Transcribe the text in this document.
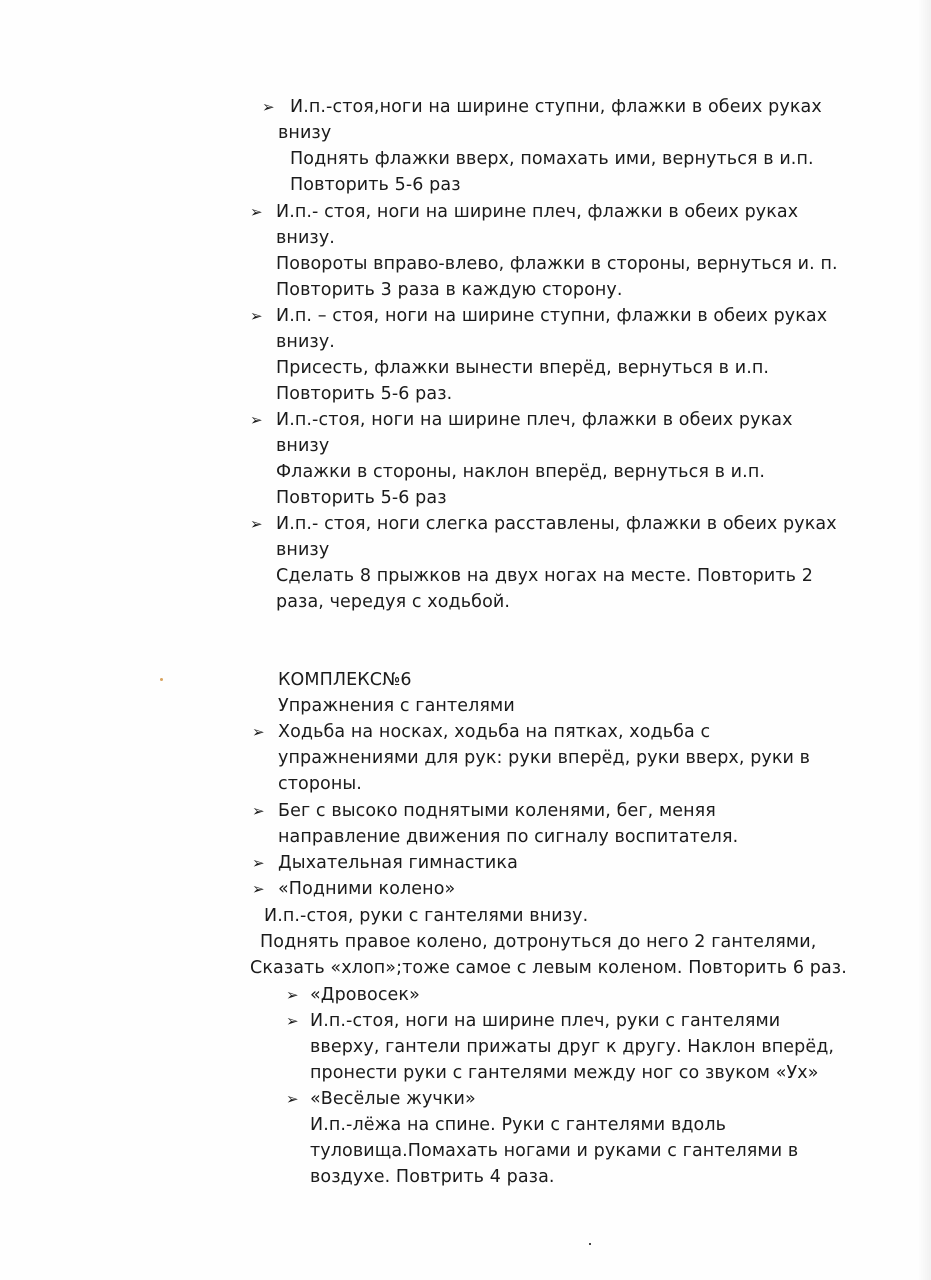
➢ И.п.-стоя,ноги на ширине ступни, флажки в обеих руках
внизу
Поднять флажки вверх, помахать ими, вернуться в и.п.
Повторить 5-6 раз
➢ И.п.- стоя, ноги на ширине плеч, флажки в обеих руках
внизу.
Повороты вправо-влево, флажки в стороны, вернуться и. п.
Повторить 3 раза в каждую сторону.
➢ И.п. – стоя, ноги на ширине ступни, флажки в обеих руках
внизу.
Присесть, флажки вынести вперёд, вернуться в и.п.
Повторить 5-6 раз.
➢ И.п.-стоя, ноги на ширине плеч, флажки в обеих руках
внизу
Флажки в стороны, наклон вперёд, вернуться в и.п.
Повторить 5-6 раз
➢ И.п.- стоя, ноги слегка расставлены, флажки в обеих руках
внизу
Сделать 8 прыжков на двух ногах на месте. Повторить 2
раза, чередуя с ходьбой.
КОМПЛЕКС№6
Упражнения с гантелями
➢ Ходьба на носках, ходьба на пятках, ходьба с
упражнениями для рук: руки вперёд, руки вверх, руки в
стороны.
➢ Бег с высоко поднятыми коленями, бег, меняя
направление движения по сигналу воспитателя.
➢ Дыхательная гимнастика
➢ «Подними колено»
И.п.-стоя, руки с гантелями внизу.
Поднять правое колено, дотронуться до него 2 гантелями,
Сказать «хлоп»;тоже самое с левым коленом. Повторить 6 раз.
➢ «Дровосек»
➢ И.п.-стоя, ноги на ширине плеч, руки с гантелями
вверху, гантели прижаты друг к другу. Наклон вперёд,
пронести руки с гантелями между ног со звуком «Ух»
➢ «Весёлые жучки»
И.п.-лёжа на спине. Руки с гантелями вдоль
туловища.Помахать ногами и руками с гантелями в
воздухе. Повтрить 4 раза.
